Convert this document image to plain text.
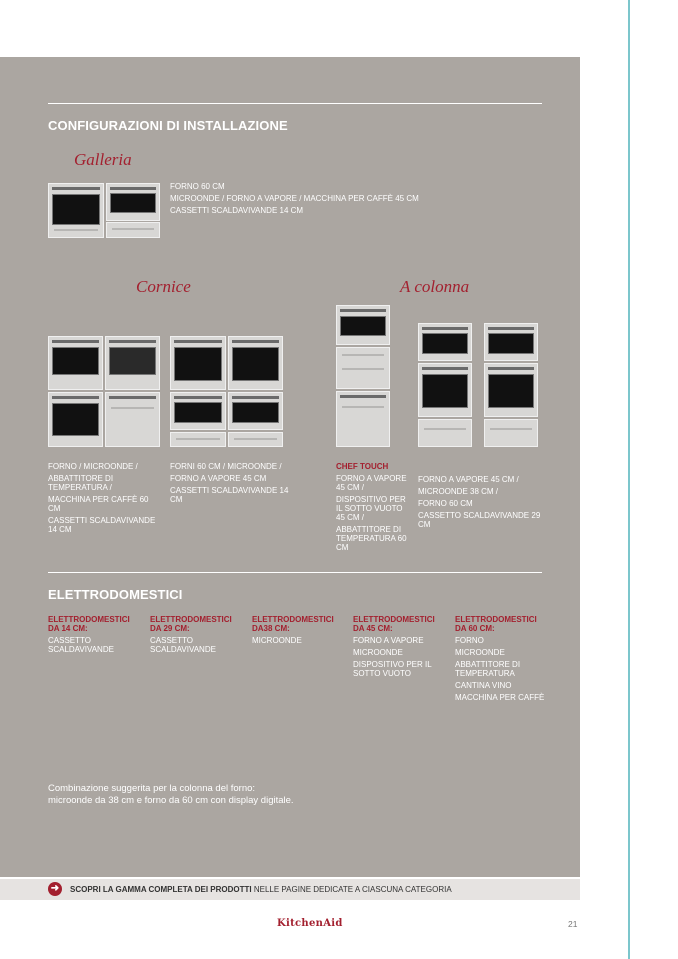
CONFIGURAZIONI DI INSTALLAZIONE
Galleria
FORNO 60 CM
MICROONDE / FORNO A VAPORE / MACCHINA PER CAFFÈ 45 CM
CASSETTI SCALDAVIVANDE 14 CM
Cornice
FORNO / MICROONDE /
ABBATTITORE DI TEMPERATURA /
MACCHINA PER CAFFÈ 60 CM
CASSETTI SCALDAVIVANDE 14 CM
FORNI 60 CM / MICROONDE /
FORNO A VAPORE 45 CM
CASSETTI SCALDAVIVANDE 14 CM
A colonna
CHEF TOUCH
FORNO A VAPORE 45 CM /
DISPOSITIVO PER IL SOTTO VUOTO 45 CM /
ABBATTITORE DI TEMPERATURA 60 CM
FORNO A VAPORE 45 CM /
MICROONDE 38 CM /
FORNO 60 CM
CASSETTO SCALDAVIVANDE 29 CM
ELETTRODOMESTICI
ELETTRODOMESTICI DA 14 CM:
CASSETTO SCALDAVIVANDE
ELETTRODOMESTICI DA 29 CM:
CASSETTO SCALDAVIVANDE
ELETTRODOMESTICI DA38 CM:
MICROONDE
ELETTRODOMESTICI DA 45 CM:
FORNO A VAPORE
MICROONDE
DISPOSITIVO PER IL SOTTO VUOTO
ELETTRODOMESTICI DA 60 CM:
FORNO
MICROONDE
ABBATTITORE DI TEMPERATURA
CANTINA VINO
MACCHINA PER CAFFÈ
Combinazione suggerita per la colonna del forno:
microonde da 38 cm e forno da 60 cm con display digitale.
➜	SCOPRI LA GAMMA COMPLETA DEI PRODOTTI NELLE PAGINE DEDICATE A CIASCUNA CATEGORIA
KitchenAid	21
